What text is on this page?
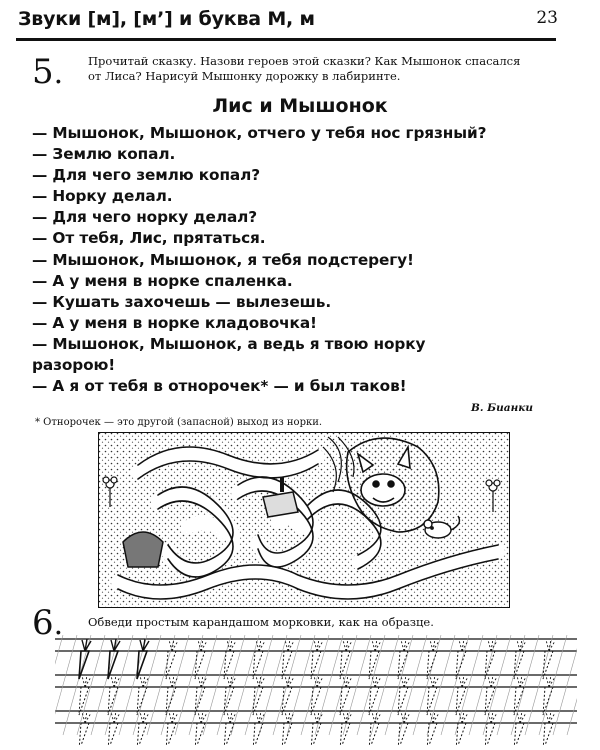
Звуки [м], [м’] и буква М, м	23
5. Прочитай сказку. Назови героев этой сказки? Как Мышонок спасался
от Лиса? Нарисуй Мышонку дорожку в лабиринте.
Лис и Мышонок
— Мышонок, Мышонок, отчего у тебя нос грязный?
— Землю копал.
— Для чего землю копал?
— Норку делал.
— Для чего норку делал?
— От тебя, Лис, прятаться.
— Мышонок, Мышонок, я тебя подстерегу!
— А у меня в норке спаленка.
— Кушать захочешь — вылезешь.
— А у меня в норке кладовочка!
— Мышонок, Мышонок, а ведь я твою норку
разорою!
— А я от тебя в отнорочек* — и был таков!
В. Бианки
* Отнорочек — это другой (запасной) выход из норки.
6. Обведи простым карандашом морковки, как на образце.
